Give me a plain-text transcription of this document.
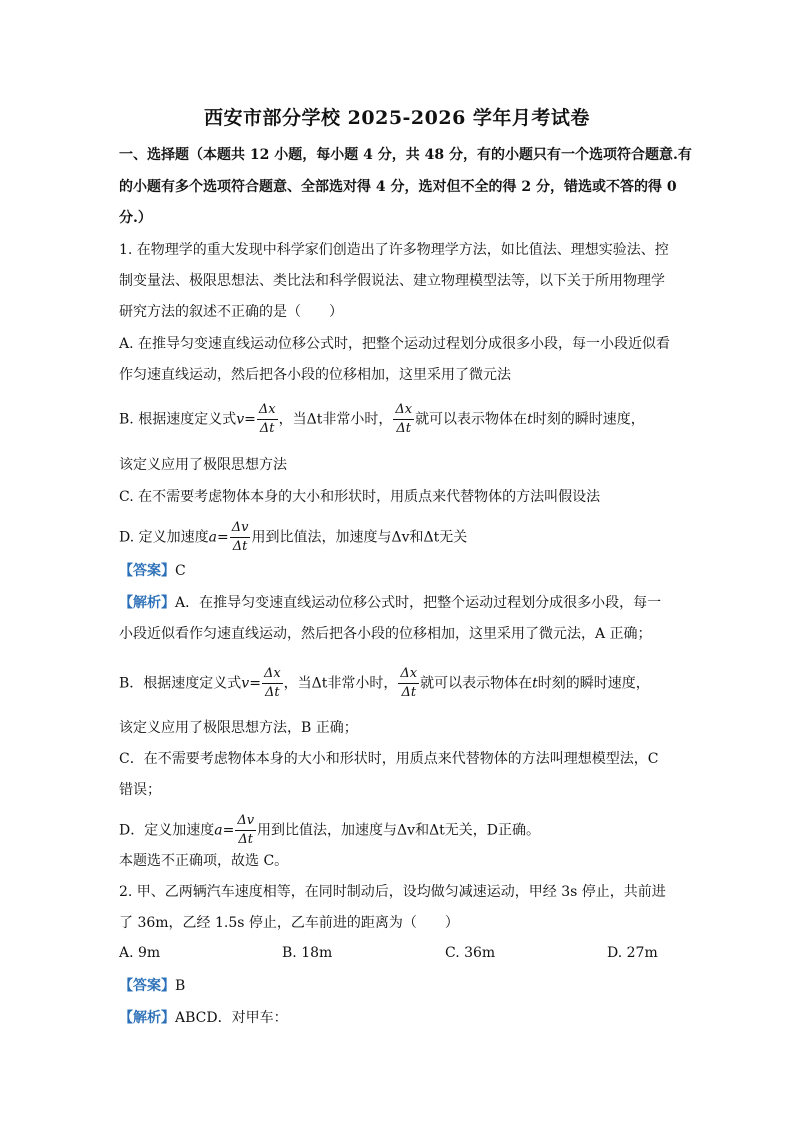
西安市部分学校 2025-2026 学年月考试卷
一、选择题（本题共 12 小题，每小题 4 分，共 48 分，有的小题只有一个选项符合题意.有
的小题有多个选项符合题意、全部选对得 4 分，选对但不全的得 2 分，错选或不答的得 0
分.）
1. 在物理学的重大发现中科学家们创造出了许多物理学方法，如比值法、理想实验法、控
制变量法、极限思想法、类比法和科学假说法、建立物理模型法等，以下关于所用物理学
研究方法的叙述不正确的是（　　）
A. 在推导匀变速直线运动位移公式时，把整个运动过程划分成很多小段，每一小段近似看
作匀速直线运动，然后把各小段的位移相加，这里采用了微元法
B. 根据速度定义式$v= \frac{\Delta x}{\Delta t}$ ，当Δt非常小时， $\frac{\Delta x}{\Delta t}$ 就可以表示物体在t时刻的瞬时速度，
该定义应用了极限思想方法
C. 在不需要考虑物体本身的大小和形状时，用质点来代替物体的方法叫假设法
D. 定义加速度$a= \frac{\Delta v}{\Delta t}$ 用到比值法，加速度与Δv和Δt无关
【答案】C
【解析】A．在推导匀变速直线运动位移公式时，把整个运动过程划分成很多小段，每一
小段近似看作匀速直线运动，然后把各小段的位移相加，这里采用了微元法，A 正确；
B．根据速度定义式$v= \frac{\Delta x}{\Delta t}$ ，当Δt非常小时， $\frac{\Delta x}{\Delta t}$ 就可以表示物体在t时刻的瞬时速度，
该定义应用了极限思想方法，B 正确；
C．在不需要考虑物体本身的大小和形状时，用质点来代替物体的方法叫理想模型法，C
错误；
D．定义加速度$a= \frac{\Delta v}{\Delta t}$ 用到比值法，加速度与Δv和Δt无关，D正确。
本题选不正确项，故选 C。
2. 甲、乙两辆汽车速度相等，在同时制动后，设均做匀减速运动，甲经 3s 停止，共前进
了 36m，乙经 1.5s 停止，乙车前进的距离为（　　）
A. 9m	B. 18m	C. 36m	D. 27m
【答案】B
【解析】ABCD．对甲车：
